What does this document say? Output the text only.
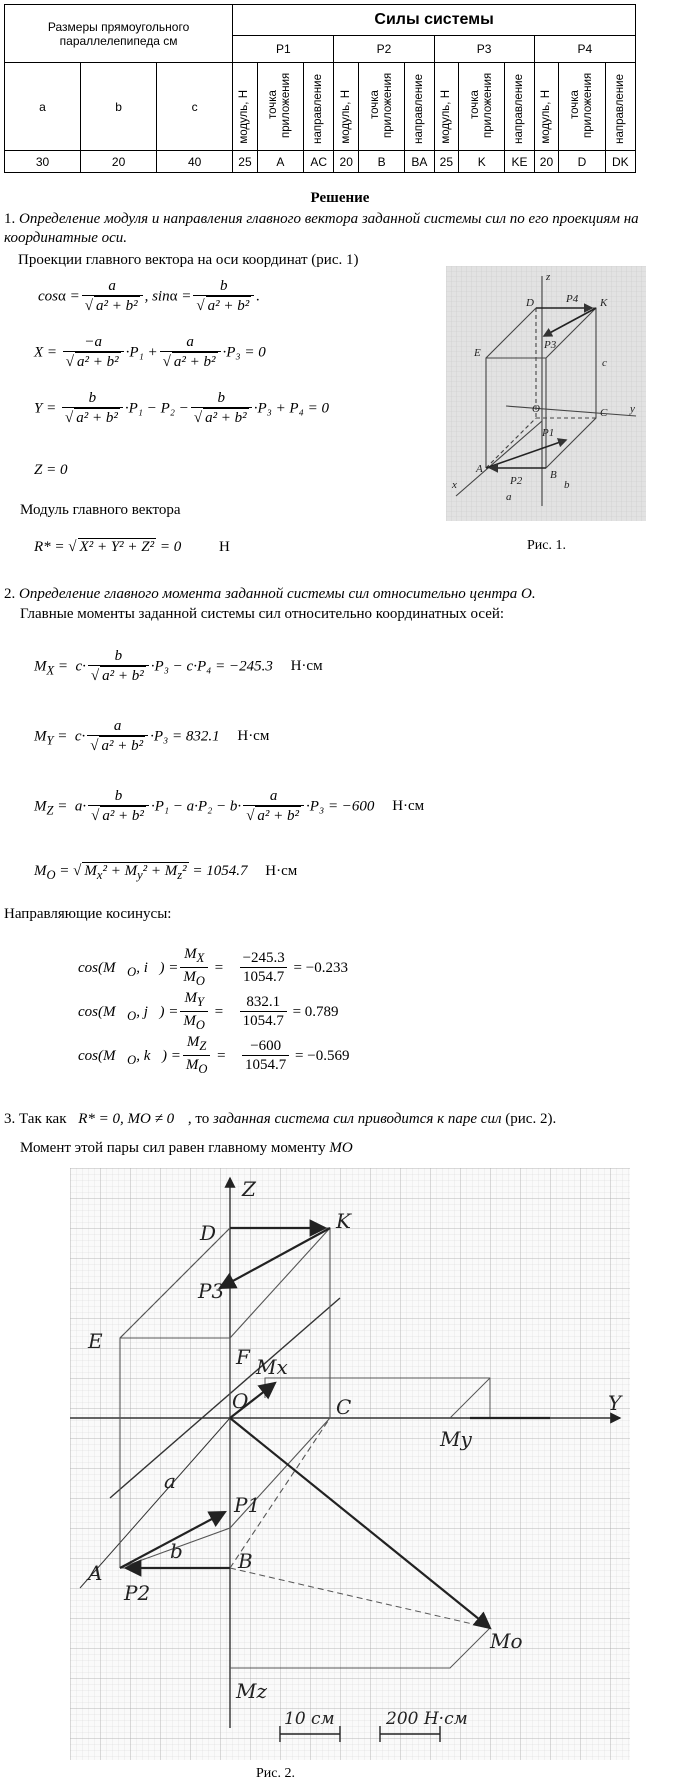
Размеры прямоугольного параллелепипеда см			Силы системы											
			P1			P2			P3			P4		
a	b	c	модуль, Н	точка приложения	направление	модуль, Н	точка приложения	направление	модуль, Н	точка приложения	направление	модуль, Н	точка приложения	направление
30	20	40	25	A	AC	20	B	BA	25	K	KE	20	D	DK
Решение
1. Определение модуля и направления главного вектора заданной системы сил по его проекциям на координатные оси.
Проекции главного вектора на оси координат (рис. 1)
$\cos\alpha = \frac{a}{\text{√ a² + b²}}$ , $\sin\alpha = \frac{b}{\text{√ a² + b²}}$ .
$X = \frac{-a}{\text{√ a² + b²}} \cdot P_1 + \frac{a}{\text{√ a² + b²}} \cdot P_3 = 0$
$Y = \frac{b}{\text{√ a² + b²}} \cdot P_1 - P_2 - \frac{b}{\text{√ a² + b²}} \cdot P_3 + P_4 = 0$
Z = 0
Модуль главного вектора
R* = √ X² + Y² + Z² = 0	Н
z
y
x
D
E
K
P4
P3
O	C
A	B
P1
P2
c
a
b
Рис. 1.
2. Определение главного момента заданной системы сил относительно центра O.
Главные моменты заданной системы сил относительно координатных осей:
$M_X = c\cdot \frac{b}{\text{√ a² + b²}} \cdot P_3 - c\cdot P_4 = -245.3$ Н·см
$M_Y = c\cdot \frac{a}{\text{√ a² + b²}} \cdot P_3 = 832.1$ Н·см
$M_Z = a\cdot \frac{b}{\text{√ a² + b²}} \cdot P_1 - a\cdot P_2 - b\cdot \frac{a}{\text{√ a² + b²}} \cdot P_3 = -600$ Н·см
$M_O$ = √ $M_x^2 + M_y^2 + M_z^2 = 1054.7$ Н·см
Направляющие косинусы:
$\cos(M⃗_O$, i⃗) = $\frac{M_X}{M_O} = \frac{-245.3}{1054.7} = -0.233$
$\cos(M⃗_O$, j⃗) = $\frac{M_Y}{M_O} = \frac{832.1}{1054.7} = 0.789$
$\cos(M⃗_O$, k⃗) = $\frac{M_Z}{M_O} = \frac{-600}{1054.7} = -0.569$
3. Так как R* = 0, MO ≠ 0 , то заданная система сил приводится к паре сил (рис. 2).
Момент этой пары сил равен главному моменту MO
Z
D	K
P3
E
F Mx
O	C	Y
My
a
P1
A
b	B
P2
Mo
Mz
10 см	200 Н·см
Рис. 2.
